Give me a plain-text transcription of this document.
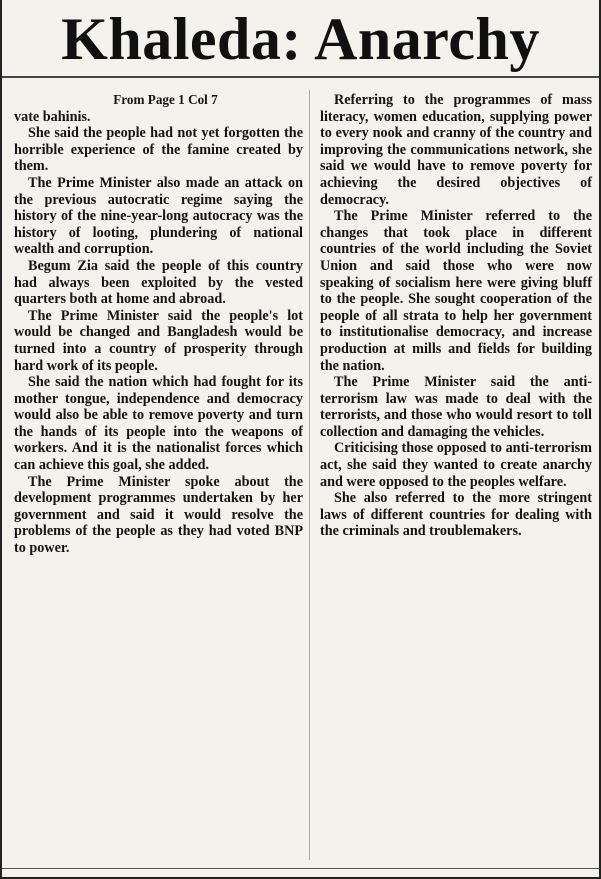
Khaleda: Anarchy

From Page 1 Col 7

vate bahinis.

She said the people had not yet forgotten the horrible experience of the famine created by them.

The Prime Minister also made an attack on the previous autocratic regime saying the history of the nine-year-long autocracy was the history of looting, plundering of national wealth and corruption.

Begum Zia said the people of this country had always been exploited by the vested quarters both at home and abroad.

The Prime Minister said the people's lot would be changed and Bangladesh would be turned into a country of prosperity through hard work of its people.

She said the nation which had fought for its mother tongue, independence and democracy would also be able to remove poverty and turn the hands of its people into the weapons of workers. And it is the nationalist forces which can achieve this goal, she added.

The Prime Minister spoke about the development programmes undertaken by her government and said it would resolve the problems of the people as they had voted BNP to power.

Referring to the programmes of mass literacy, women education, supplying power to every nook and cranny of the country and improving the communications network, she said we would have to remove poverty for achieving the desired objectives of democracy.

The Prime Minister referred to the changes that took place in different countries of the world including the Soviet Union and said those who were now speaking of socialism here were giving bluff to the people. She sought cooperation of the people of all strata to help her government to institutionalise democracy, and increase production at mills and fields for building the nation.

The Prime Minister said the anti-terrorism law was made to deal with the terrorists, and those who would resort to toll collection and damaging the vehicles.

Criticising those opposed to anti-terrorism act, she said they wanted to create anarchy and were opposed to the peoples welfare.

She also referred to the more stringent laws of different countries for dealing with the criminals and troublemakers.
